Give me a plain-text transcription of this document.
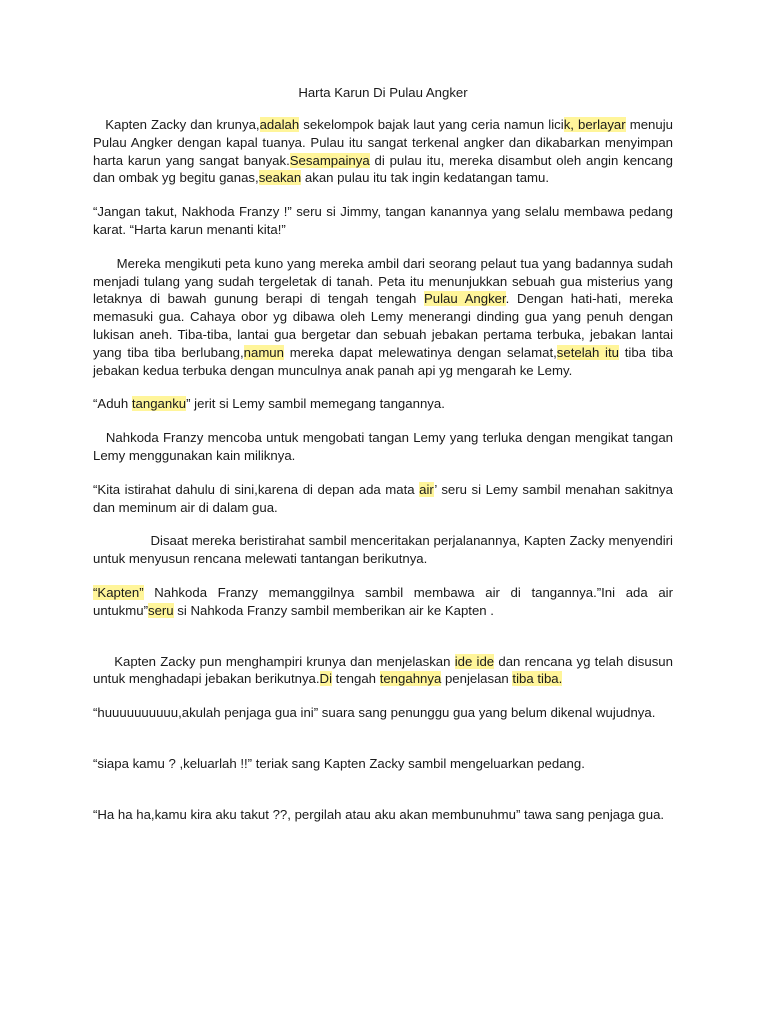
Harta Karun Di Pulau Angker

Kapten Zacky dan krunya,adalah sekelompok bajak laut yang ceria namun licik, berlayar menuju Pulau Angker dengan kapal tuanya. Pulau itu sangat terkenal angker dan dikabarkan menyimpan harta karun yang sangat banyak.Sesampainya di pulau itu, mereka disambut oleh angin kencang dan ombak yg begitu ganas,seakan akan pulau itu tak ingin kedatangan tamu.

“Jangan takut, Nakhoda Franzy !” seru si Jimmy, tangan kanannya yang selalu membawa pedang karat. “Harta karun menanti kita!”

Mereka mengikuti peta kuno yang mereka ambil dari seorang pelaut tua yang badannya sudah menjadi tulang yang sudah tergeletak di tanah. Peta itu menunjukkan sebuah gua misterius yang letaknya di bawah gunung berapi di tengah tengah Pulau Angker. Dengan hati-hati, mereka memasuki gua. Cahaya obor yg dibawa oleh Lemy menerangi dinding gua yang penuh dengan lukisan aneh. Tiba-tiba, lantai gua bergetar dan sebuah jebakan pertama terbuka, jebakan lantai yang tiba tiba berlubang,namun mereka dapat melewatinya dengan selamat,setelah itu tiba tiba jebakan kedua terbuka dengan munculnya anak panah api yg mengarah ke Lemy.

“Aduh tanganku” jerit si Lemy sambil memegang tangannya.

Nahkoda Franzy mencoba untuk mengobati tangan Lemy yang terluka dengan mengikat tangan Lemy menggunakan kain miliknya.

“Kita istirahat dahulu di sini,karena di depan ada mata air’ seru si Lemy sambil menahan sakitnya dan meminum air di dalam gua.

Disaat mereka beristirahat sambil menceritakan perjalanannya, Kapten Zacky menyendiri untuk menyusun rencana melewati tantangan berikutnya.

“Kapten” Nahkoda Franzy memanggilnya sambil membawa air di tangannya.”Ini ada air untukmu”seru si Nahkoda Franzy sambil memberikan air ke Kapten .

Kapten Zacky pun menghampiri krunya dan menjelaskan ide ide dan rencana yg telah disusun untuk menghadapi jebakan berikutnya.Di tengah tengahnya penjelasan tiba tiba.

“huuuuuuuuuu,akulah penjaga gua ini” suara sang penunggu gua yang belum dikenal wujudnya.

“siapa kamu ? ,keluarlah !!” teriak sang Kapten Zacky sambil mengeluarkan pedang.

“Ha ha ha,kamu kira aku takut ??, pergilah atau aku akan membunuhmu” tawa sang penjaga gua.
